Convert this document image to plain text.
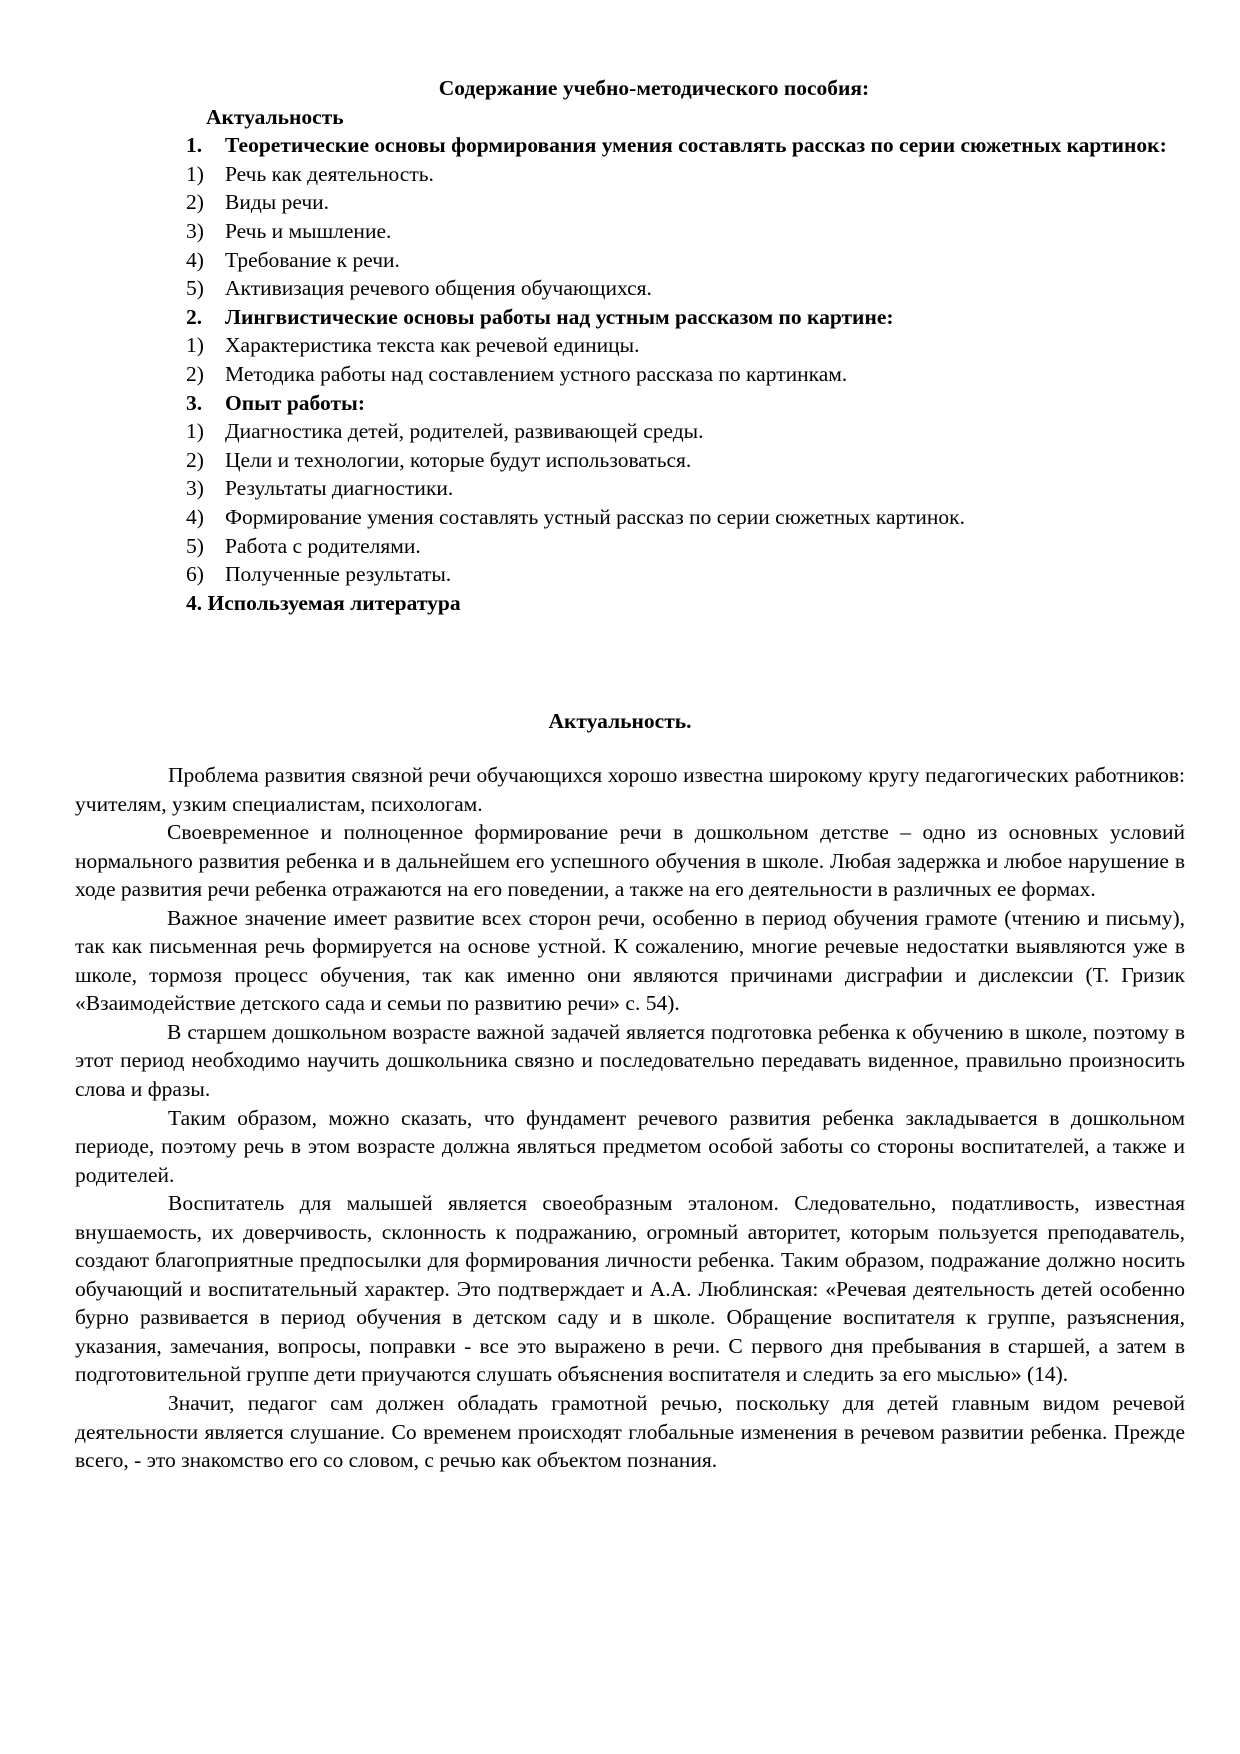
Содержание учебно-методического пособия:
Актуальность
1. Теоретические основы формирования умения составлять рассказ по серии сюжетных картинок:
1) Речь как деятельность.
2) Виды речи.
3) Речь и мышление.
4) Требование к речи.
5) Активизация речевого общения обучающихся.
2. Лингвистические основы работы над устным рассказом по картине:
1) Характеристика текста как речевой единицы.
2) Методика работы над составлением устного рассказа по картинкам.
3. Опыт работы:
1) Диагностика детей, родителей, развивающей среды.
2) Цели и технологии, которые будут использоваться.
3) Результаты диагностики.
4) Формирование умения составлять устный рассказ по серии сюжетных картинок.
5) Работа с родителями.
6) Полученные результаты.
4. Используемая литература
Актуальность.

Проблема развития связной речи обучающихся хорошо известна широкому кругу педагогических работников: учителям, узким специалистам, психологам.

Своевременное и полноценное формирование речи в дошкольном детстве – одно из основных условий нормального развития ребенка и в дальнейшем его успешного обучения в школе. Любая задержка и любое нарушение в ходе развития речи ребенка отражаются на его поведении, а также на его деятельности в различных ее формах.

Важное значение имеет развитие всех сторон речи, особенно в период обучения грамоте (чтению и письму), так как письменная речь формируется на основе устной. К сожалению, многие речевые недостатки выявляются уже в школе, тормозя процесс обучения, так как именно они являются причинами дисграфии и дислексии (Т. Гризик «Взаимодействие детского сада и семьи по развитию речи» с. 54).

В старшем дошкольном возрасте важной задачей является подготовка ребенка к обучению в школе, поэтому в этот период необходимо научить дошкольника связно и последовательно передавать виденное, правильно произносить слова и фразы.

Таким образом, можно сказать, что фундамент речевого развития ребенка закладывается в дошкольном периоде, поэтому речь в этом возрасте должна являться предметом особой заботы со стороны воспитателей, а также и родителей.

Воспитатель для малышей является своеобразным эталоном. Следовательно, податливость, известная внушаемость, их доверчивость, склонность к подражанию, огромный авторитет, которым пользуется преподаватель, создают благоприятные предпосылки для формирования личности ребенка. Таким образом, подражание должно носить обучающий и воспитательный характер. Это подтверждает и А.А. Люблинская: «Речевая деятельность детей особенно бурно развивается в период обучения в детском саду и в школе. Обращение воспитателя к группе, разъяснения, указания, замечания, вопросы, поправки - все это выражено в речи. С первого дня пребывания в старшей, а затем в подготовительной группе дети приучаются слушать объяснения воспитателя и следить за его мыслью» (14).

Значит, педагог сам должен обладать грамотной речью, поскольку для детей главным видом речевой деятельности является слушание. Со временем происходят глобальные изменения в речевом развитии ребенка. Прежде всего, - это знакомство его со словом, с речью как объектом познания.
